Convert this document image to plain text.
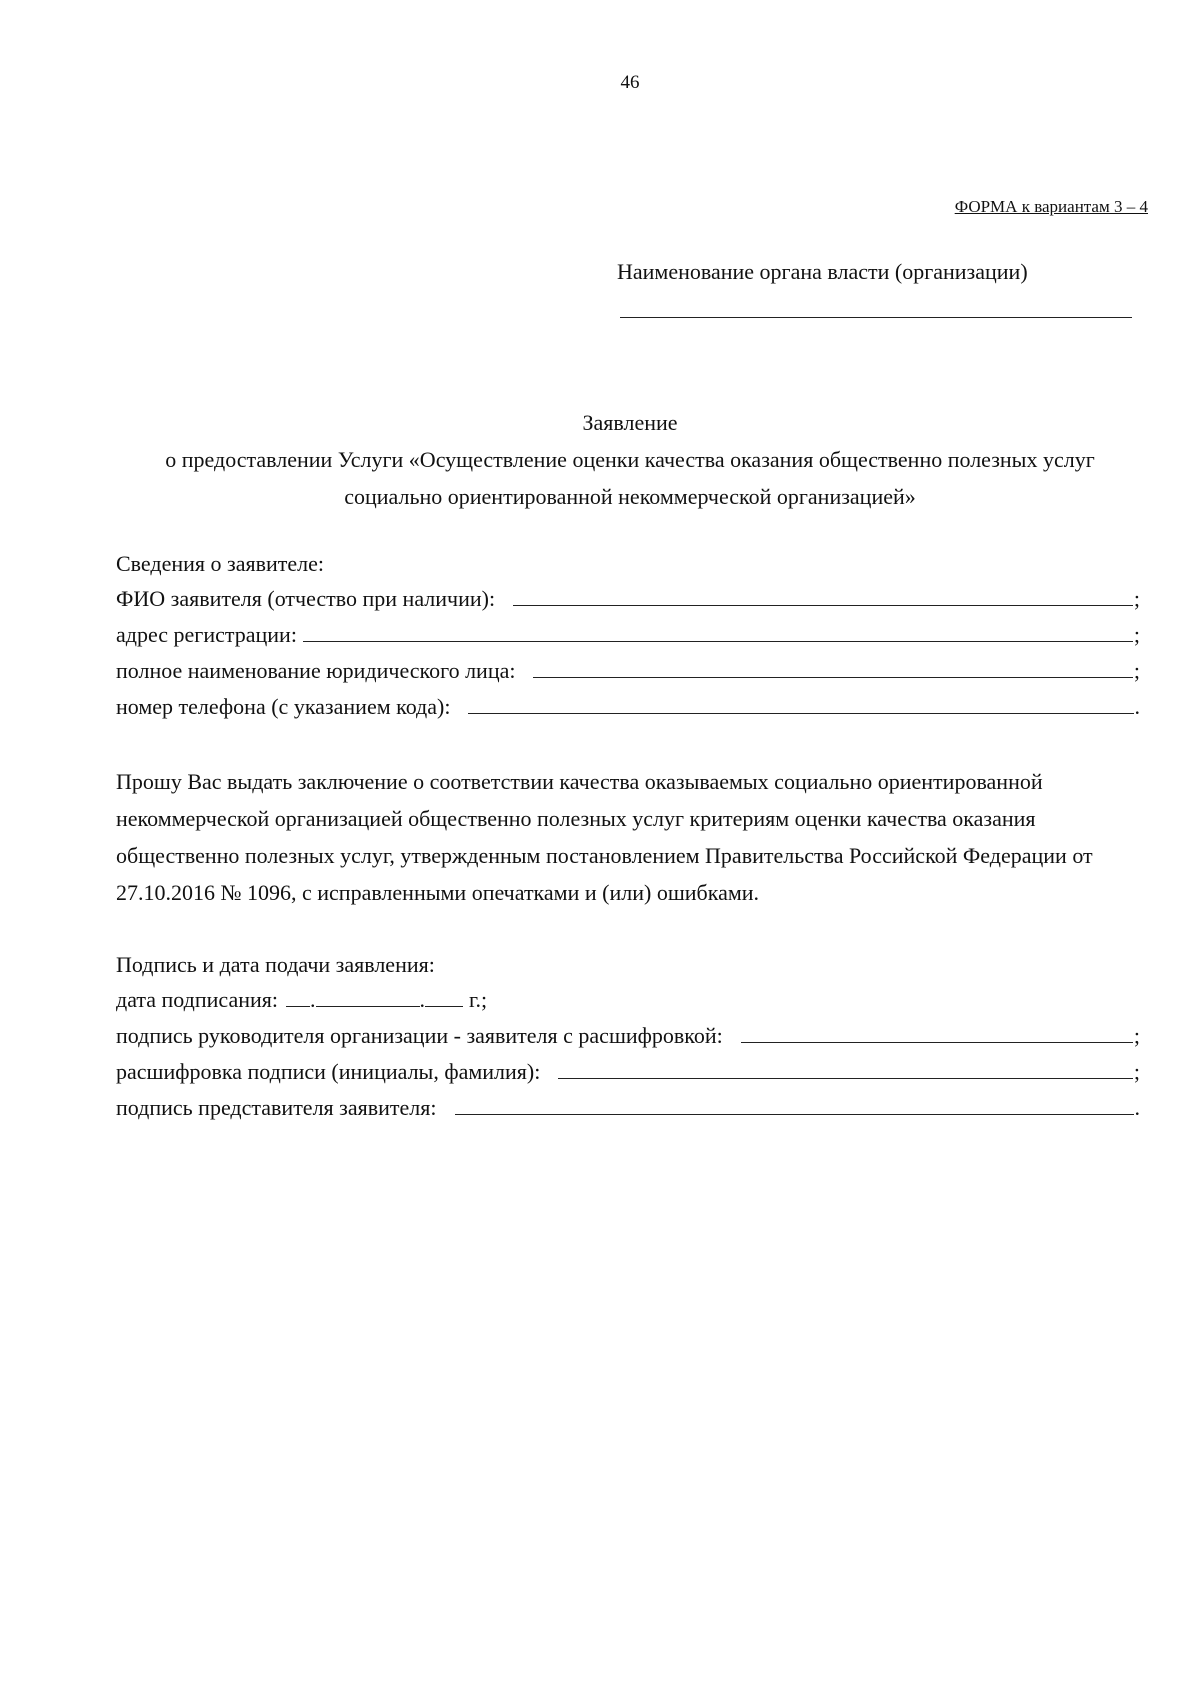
46
ФОРМА к вариантам 3 – 4
Наименование органа власти (организации)
Заявление
о предоставлении Услуги «Осуществление оценки качества оказания общественно полезных услуг
социально ориентированной некоммерческой организацией»
Сведения о заявителе:
ФИО заявителя (отчество при наличии):	;
адрес регистрации:	;
полное наименование юридического лица:	;
номер телефона (с указанием кода):	.
Прошу Вас выдать заключение о соответствии качества оказываемых социально ориентированной некоммерческой организацией общественно полезных услуг критериям оценки качества оказания общественно полезных услуг, утвержденным постановлением Правительства Российской Федерации от 27.10.2016 № 1096, с исправленными опечатками и (или) ошибками.
Подпись и дата подачи заявления:
дата подписания: .	. г.;
подпись руководителя организации - заявителя с расшифровкой:	;
расшифровка подписи (инициалы, фамилия):	;
подпись представителя заявителя:	.
